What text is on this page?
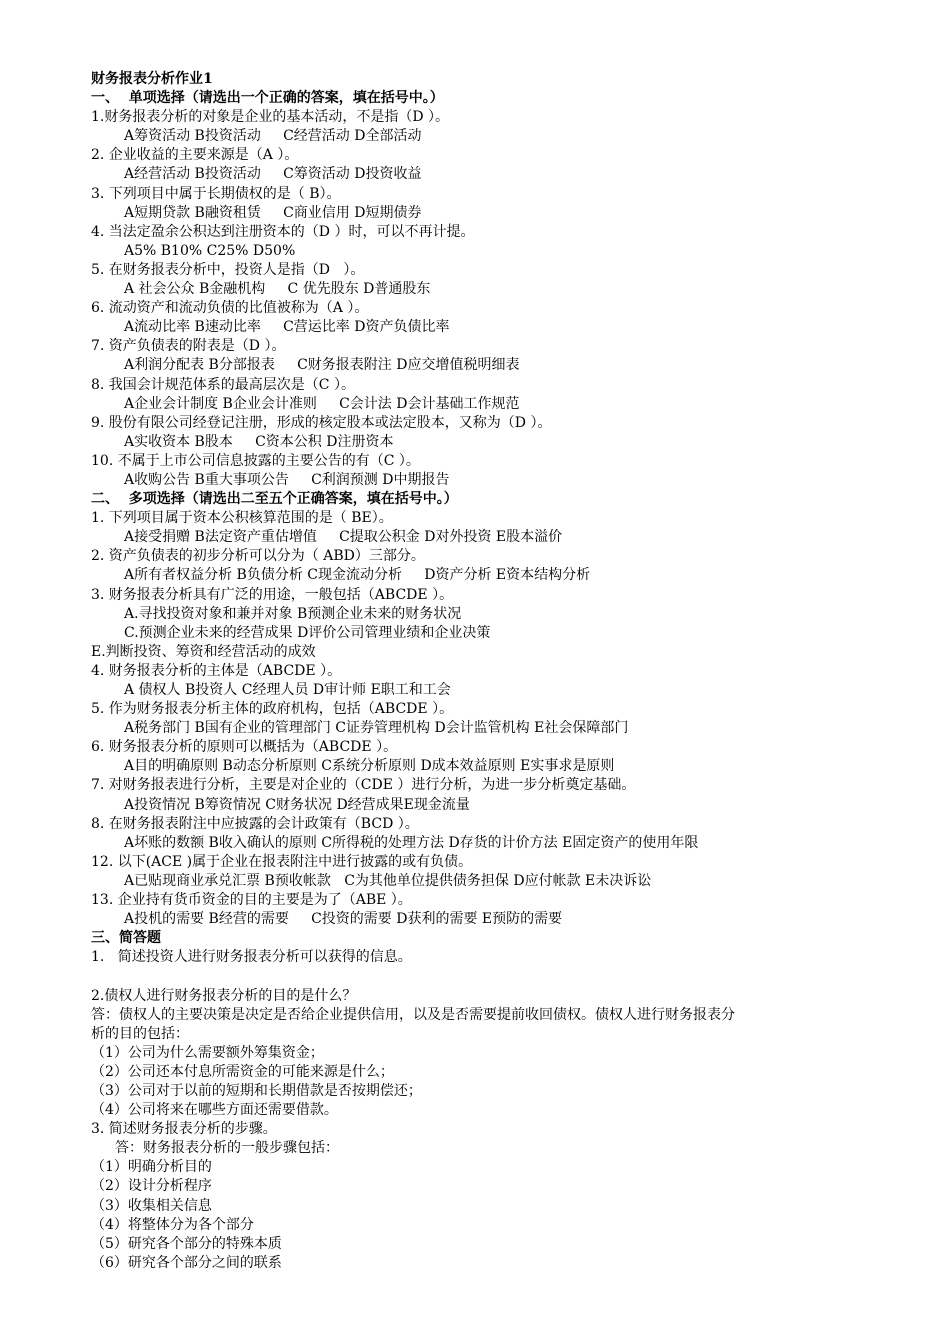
财务报表分析作业1
一、  单项选择（请选出一个正确的答案，填在括号中。）
1.财务报表分析的对象是企业的基本活动，不是指（D ）。
A筹资活动 B投资活动     C经营活动 D全部活动
2. 企业收益的主要来源是（A ）。
A经营活动 B投资活动     C筹资活动 D投资收益
3. 下列项目中属于长期债权的是（ B）。
A短期贷款 B融资租赁     C商业信用 D短期债券
4. 当法定盈余公积达到注册资本的（D ）时，可以不再计提。
A5% B10% C25% D50%
5. 在财务报表分析中，投资人是指（D   ）。
A 社会公众 B金融机构     C 优先股东 D普通股东
6. 流动资产和流动负债的比值被称为（A ）。
A流动比率 B速动比率     C营运比率 D资产负债比率
7. 资产负债表的附表是（D ）。
A利润分配表 B分部报表     C财务报表附注 D应交增值税明细表
8. 我国会计规范体系的最高层次是（C ）。
A企业会计制度 B企业会计准则     C会计法 D会计基础工作规范
9. 股份有限公司经登记注册，形成的核定股本或法定股本，又称为（D ）。
A实收资本 B股本     C资本公积 D注册资本
10. 不属于上市公司信息披露的主要公告的有（C ）。
A收购公告 B重大事项公告     C利润预测 D中期报告
二、  多项选择（请选出二至五个正确答案，填在括号中。）
1. 下列项目属于资本公积核算范围的是（ BE）。
A接受捐赠 B法定资产重估增值     C提取公积金 D对外投资 E股本溢价
2. 资产负债表的初步分析可以分为（ ABD）三部分。
A所有者权益分析 B负债分析 C现金流动分析     D资产分析 E资本结构分析
3. 财务报表分析具有广泛的用途，一般包括（ABCDE ）。
A.寻找投资对象和兼并对象 B预测企业未来的财务状况
C.预测企业未来的经营成果 D评价公司管理业绩和企业决策
E.判断投资、筹资和经营活动的成效
4. 财务报表分析的主体是（ABCDE ）。
A 债权人 B投资人 C经理人员 D审计师 E职工和工会
5. 作为财务报表分析主体的政府机构，包括（ABCDE ）。
A税务部门 B国有企业的管理部门 C证券管理机构 D会计监管机构 E社会保障部门
6. 财务报表分析的原则可以概括为（ABCDE ）。
A目的明确原则 B动态分析原则 C系统分析原则 D成本效益原则 E实事求是原则
7. 对财务报表进行分析，主要是对企业的（CDE ）进行分析，为进一步分析奠定基础。
A投资情况 B筹资情况 C财务状况 D经营成果E现金流量
8. 在财务报表附注中应披露的会计政策有（BCD ）。
A坏账的数额 B收入确认的原则 C所得税的处理方法 D存货的计价方法 E固定资产的使用年限
12. 以下(ACE )属于企业在报表附注中进行披露的或有负债。
A已贴现商业承兑汇票 B预收帐款   C为其他单位提供债务担保 D应付帐款 E未决诉讼
13. 企业持有货币资金的目的主要是为了（ABE ）。
A投机的需要 B经营的需要     C投资的需要 D获利的需要 E预防的需要
三、简答题
1.   简述投资人进行财务报表分析可以获得的信息。
2.债权人进行财务报表分析的目的是什么？
答：债权人的主要决策是决定是否给企业提供信用，以及是否需要提前收回债权。债权人进行财务报表分
析的目的包括：
（1）公司为什么需要额外筹集资金；
（2）公司还本付息所需资金的可能来源是什么；
（3）公司对于以前的短期和长期借款是否按期偿还；
（4）公司将来在哪些方面还需要借款。
3. 简述财务报表分析的步骤。
答：财务报表分析的一般步骤包括：
（1）明确分析目的
（2）设计分析程序
（3）收集相关信息
（4）将整体分为各个部分
（5）研究各个部分的特殊本质
（6）研究各个部分之间的联系
